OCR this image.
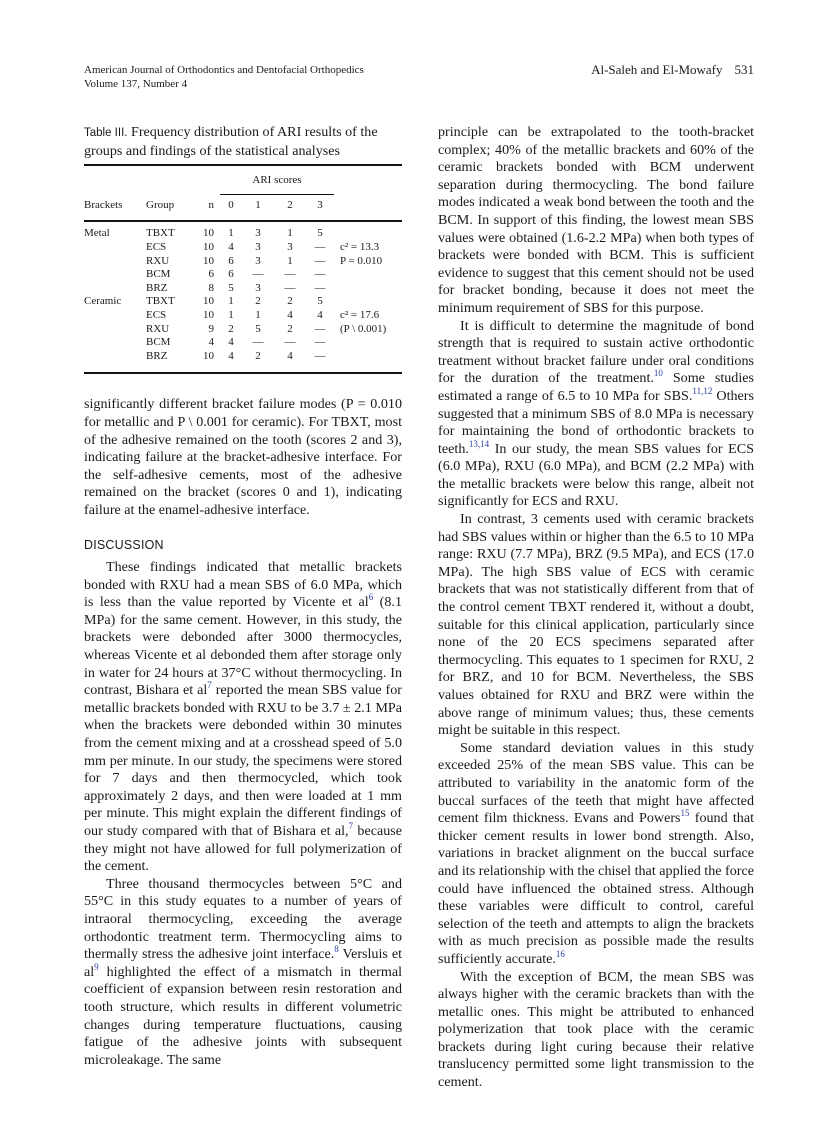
American Journal of Orthodontics and Dentofacial Orthopedics
Volume 137, Number 4
Al-Saleh and El-Mowafy 531

Table III. Frequency distribution of ARI results of the groups and findings of the statistical analyses

			ARI scores				

Brackets	Group	n	0	1	2	3	
Metal	TBXT	10	1	3	1	5	
	ECS	10	4	3	3	—	c² = 13.3
	RXU	10	6	3	1	—	P = 0.010
	BCM	6	6	—	—	—	
	BRZ	8	5	3	—	—	
Ceramic	TBXT	10	1	2	2	5	
	ECS	10	1	1	4	4	c² = 17.6
	RXU	9	2	5	2	—	(P \ 0.001)
	BCM	4	4	—	—	—	
	BRZ	10	4	2	4	—	

significantly different bracket failure modes (P = 0.010 for metallic and P \ 0.001 for ceramic). For TBXT, most of the adhesive remained on the tooth (scores 2 and 3), indicating failure at the bracket-adhesive interface. For the self-adhesive cements, most of the adhesive remained on the bracket (scores 0 and 1), indicating failure at the enamel-adhesive interface.

DISCUSSION

These findings indicated that metallic brackets bonded with RXU had a mean SBS of 6.0 MPa, which is less than the value reported by Vicente et al$^6$ (8.1 MPa) for the same cement. However, in this study, the brackets were debonded after 3000 thermocycles, whereas Vicente et al debonded them after storage only in water for 24 hours at 37°C without thermocycling. In contrast, Bishara et al$^7$ reported the mean SBS value for metallic brackets bonded with RXU to be 3.7 ± 2.1 MPa when the brackets were debonded within 30 minutes from the cement mixing and at a crosshead speed of 5.0 mm per minute. In our study, the specimens were stored for 7 days and then thermocycled, which took approximately 2 days, and then were loaded at 1 mm per minute. This might explain the different findings of our study compared with that of Bishara et al,$^7$ because they might not have allowed for full polymerization of the cement.

Three thousand thermocycles between 5°C and 55°C in this study equates to a number of years of intraoral thermocycling, exceeding the average orthodontic treatment term. Thermocycling aims to thermally stress the adhesive joint interface.$^8$ Versluis et al$^9$ highlighted the effect of a mismatch in thermal coefficient of expansion between resin restoration and tooth structure, which results in different volumetric changes during temperature fluctuations, causing fatigue of the adhesive joints with subsequent microleakage. The same

principle can be extrapolated to the tooth-bracket complex; 40% of the metallic brackets and 60% of the ceramic brackets bonded with BCM underwent separation during thermocycling. The bond failure modes indicated a weak bond between the tooth and the BCM. In support of this finding, the lowest mean SBS values were obtained (1.6-2.2 MPa) when both types of brackets were bonded with BCM. This is sufficient evidence to suggest that this cement should not be used for bracket bonding, because it does not meet the minimum requirement of SBS for this purpose.

It is difficult to determine the magnitude of bond strength that is required to sustain active orthodontic treatment without bracket failure under oral conditions for the duration of the treatment.$^{10}$ Some studies estimated a range of 6.5 to 10 MPa for SBS.$^{11,12}$ Others suggested that a minimum SBS of 8.0 MPa is necessary for maintaining the bond of orthodontic brackets to teeth.$^{13,14}$ In our study, the mean SBS values for ECS (6.0 MPa), RXU (6.0 MPa), and BCM (2.2 MPa) with the metallic brackets were below this range, albeit not significantly for ECS and RXU.

In contrast, 3 cements used with ceramic brackets had SBS values within or higher than the 6.5 to 10 MPa range: RXU (7.7 MPa), BRZ (9.5 MPa), and ECS (17.0 MPa). The high SBS value of ECS with ceramic brackets that was not statistically different from that of the control cement TBXT rendered it, without a doubt, suitable for this clinical application, particularly since none of the 20 ECS specimens separated after thermocycling. This equates to 1 specimen for RXU, 2 for BRZ, and 10 for BCM. Nevertheless, the SBS values obtained for RXU and BRZ were within the above range of minimum values; thus, these cements might be suitable in this respect.

Some standard deviation values in this study exceeded 25% of the mean SBS value. This can be attributed to variability in the anatomic form of the buccal surfaces of the teeth that might have affected cement film thickness. Evans and Powers$^{15}$ found that thicker cement results in lower bond strength. Also, variations in bracket alignment on the buccal surface and its relationship with the chisel that applied the force could have influenced the obtained stress. Although these variables were difficult to control, careful selection of the teeth and attempts to align the brackets with as much precision as possible made the results sufficiently accurate.$^{16}$

With the exception of BCM, the mean SBS was always higher with the ceramic brackets than with the metallic ones. This might be attributed to enhanced polymerization that took place with the ceramic brackets during light curing because their relative translucency permitted some light transmission to the cement.
